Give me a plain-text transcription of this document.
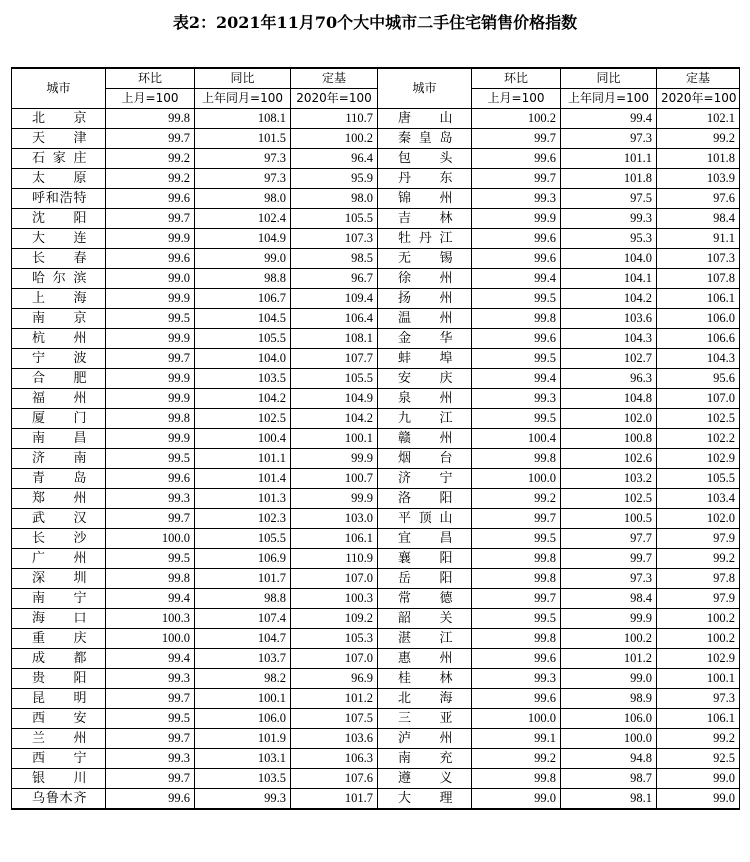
表2：2021年11月70个大中城市二手住宅销售价格指数
城市	环比	同比	定基	城市	环比	同比	定基
	上月=100	上年同月=100	2020年=100		上月=100	上年同月=100	2020年=100
北　京	99.8	108.1	110.7	唐　山	100.2	99.4	102.1
天　津	99.7	101.5	100.2	秦皇岛	99.7	97.3	99.2
石家庄	99.2	97.3	96.4	包　头	99.6	101.1	101.8
太　原	99.2	97.3	95.9	丹　东	99.7	101.8	103.9
呼和浩特	99.6	98.0	98.0	锦　州	99.3	97.5	97.6
沈　阳	99.7	102.4	105.5	吉　林	99.9	99.3	98.4
大　连	99.9	104.9	107.3	牡丹江	99.6	95.3	91.1
长　春	99.6	99.0	98.5	无　锡	99.6	104.0	107.3
哈尔滨	99.0	98.8	96.7	徐　州	99.4	104.1	107.8
上　海	99.9	106.7	109.4	扬　州	99.5	104.2	106.1
南　京	99.5	104.5	106.4	温　州	99.8	103.6	106.0
杭　州	99.9	105.5	108.1	金　华	99.6	104.3	106.6
宁　波	99.7	104.0	107.7	蚌　埠	99.5	102.7	104.3
合　肥	99.9	103.5	105.5	安　庆	99.4	96.3	95.6
福　州	99.9	104.2	104.9	泉　州	99.3	104.8	107.0
厦　门	99.8	102.5	104.2	九　江	99.5	102.0	102.5
南　昌	99.9	100.4	100.1	赣　州	100.4	100.8	102.2
济　南	99.5	101.1	99.9	烟　台	99.8	102.6	102.9
青　岛	99.6	101.4	100.7	济　宁	100.0	103.2	105.5
郑　州	99.3	101.3	99.9	洛　阳	99.2	102.5	103.4
武　汉	99.7	102.3	103.0	平顶山	99.7	100.5	102.0
长　沙	100.0	105.5	106.1	宜　昌	99.5	97.7	97.9
广　州	99.5	106.9	110.9	襄　阳	99.8	99.7	99.2
深　圳	99.8	101.7	107.0	岳　阳	99.8	97.3	97.8
南　宁	99.4	98.8	100.3	常　德	99.7	98.4	97.9
海　口	100.3	107.4	109.2	韶　关	99.5	99.9	100.2
重　庆	100.0	104.7	105.3	湛　江	99.8	100.2	100.2
成　都	99.4	103.7	107.0	惠　州	99.6	101.2	102.9
贵　阳	99.3	98.2	96.9	桂　林	99.3	99.0	100.1
昆　明	99.7	100.1	101.2	北　海	99.6	98.9	97.3
西　安	99.5	106.0	107.5	三　亚	100.0	106.0	106.1
兰　州	99.7	101.9	103.6	泸　州	99.1	100.0	99.2
西　宁	99.3	103.1	106.3	南　充	99.2	94.8	92.5
银　川	99.7	103.5	107.6	遵　义	99.8	98.7	99.0
乌鲁木齐	99.6	99.3	101.7	大　理	99.0	98.1	99.0
